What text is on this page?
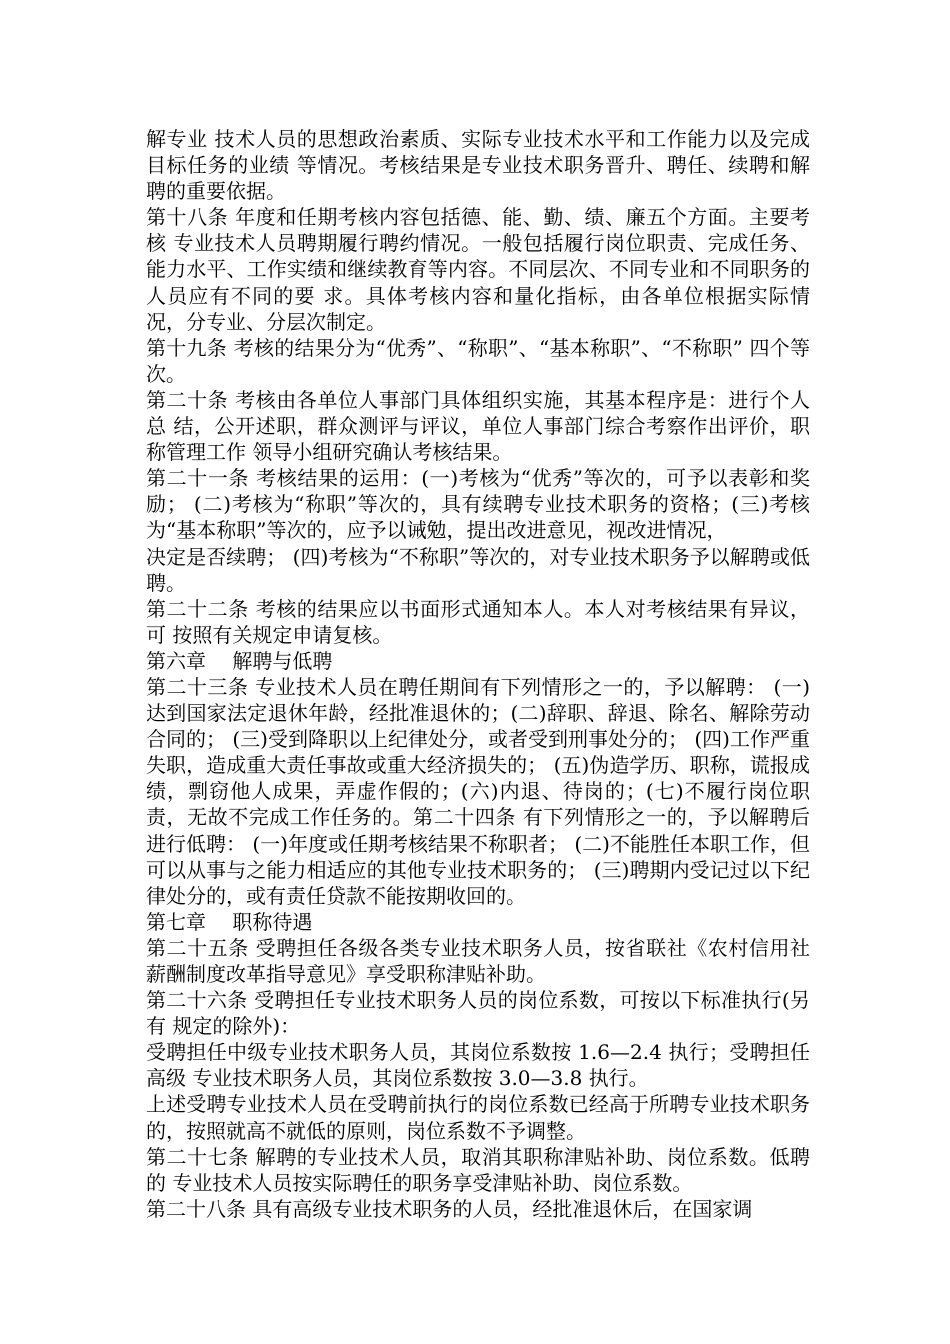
解专业 技术人员的思想政治素质、实际专业技术水平和工作能力以及完成目标任务的业绩 等情况。考核结果是专业技术职务晋升、聘任、续聘和解聘的重要依据。

第十八条 年度和任期考核内容包括德、能、勤、绩、廉五个方面。主要考核 专业技术人员聘期履行聘约情况。一般包括履行岗位职责、完成任务、能力水平、工作实绩和继续教育等内容。不同层次、不同专业和不同职务的人员应有不同的要 求。具体考核内容和量化指标，由各单位根据实际情况，分专业、分层次制定。

第十九条 考核的结果分为“优秀”、“称职”、“基本称职”、“不称职” 四个等次。

第二十条 考核由各单位人事部门具体组织实施，其基本程序是：进行个人总 结，公开述职，群众测评与评议，单位人事部门综合考察作出评价，职称管理工作 领导小组研究确认考核结果。

第二十一条 考核结果的运用：(一)考核为“优秀”等次的，可予以表彰和奖励； (二)考核为“称职”等次的，具有续聘专业技术职务的资格；(三)考核为“基本称职”等次的，应予以诫勉，提出改进意见，视改进情况，

决定是否续聘； (四)考核为“不称职”等次的，对专业技术职务予以解聘或低聘。

第二十二条 考核的结果应以书面形式通知本人。本人对考核结果有异议，可 按照有关规定申请复核。

第六章　 解聘与低聘

第二十三条 专业技术人员在聘任期间有下列情形之一的，予以解聘： (一)达到国家法定退休年龄，经批准退休的；(二)辞职、辞退、除名、解除劳动合同的； (三)受到降职以上纪律处分，或者受到刑事处分的； (四)工作严重失职，造成重大责任事故或重大经济损失的； (五)伪造学历、职称，谎报成绩，剽窃他人成果，弄虚作假的；(六)内退、待岗的；(七)不履行岗位职责，无故不完成工作任务的。第二十四条 有下列情形之一的，予以解聘后进行低聘： (一)年度或任期考核结果不称职者； (二)不能胜任本职工作，但可以从事与之能力相适应的其他专业技术职务的； (三)聘期内受记过以下纪律处分的，或有责任贷款不能按期收回的。

第七章　 职称待遇

第二十五条 受聘担任各级各类专业技术职务人员，按省联社《农村信用社薪酬制度改革指导意见》享受职称津贴补助。

第二十六条 受聘担任专业技术职务人员的岗位系数，可按以下标准执行(另有 规定的除外)：

受聘担任中级专业技术职务人员，其岗位系数按 1.6—2.4 执行；受聘担任高级 专业技术职务人员，其岗位系数按 3.0—3.8 执行。

上述受聘专业技术人员在受聘前执行的岗位系数已经高于所聘专业技术职务 的，按照就高不就低的原则，岗位系数不予调整。

第二十七条 解聘的专业技术人员，取消其职称津贴补助、岗位系数。低聘的 专业技术人员按实际聘任的职务享受津贴补助、岗位系数。

第二十八条 具有高级专业技术职务的人员，经批准退休后，在国家调
